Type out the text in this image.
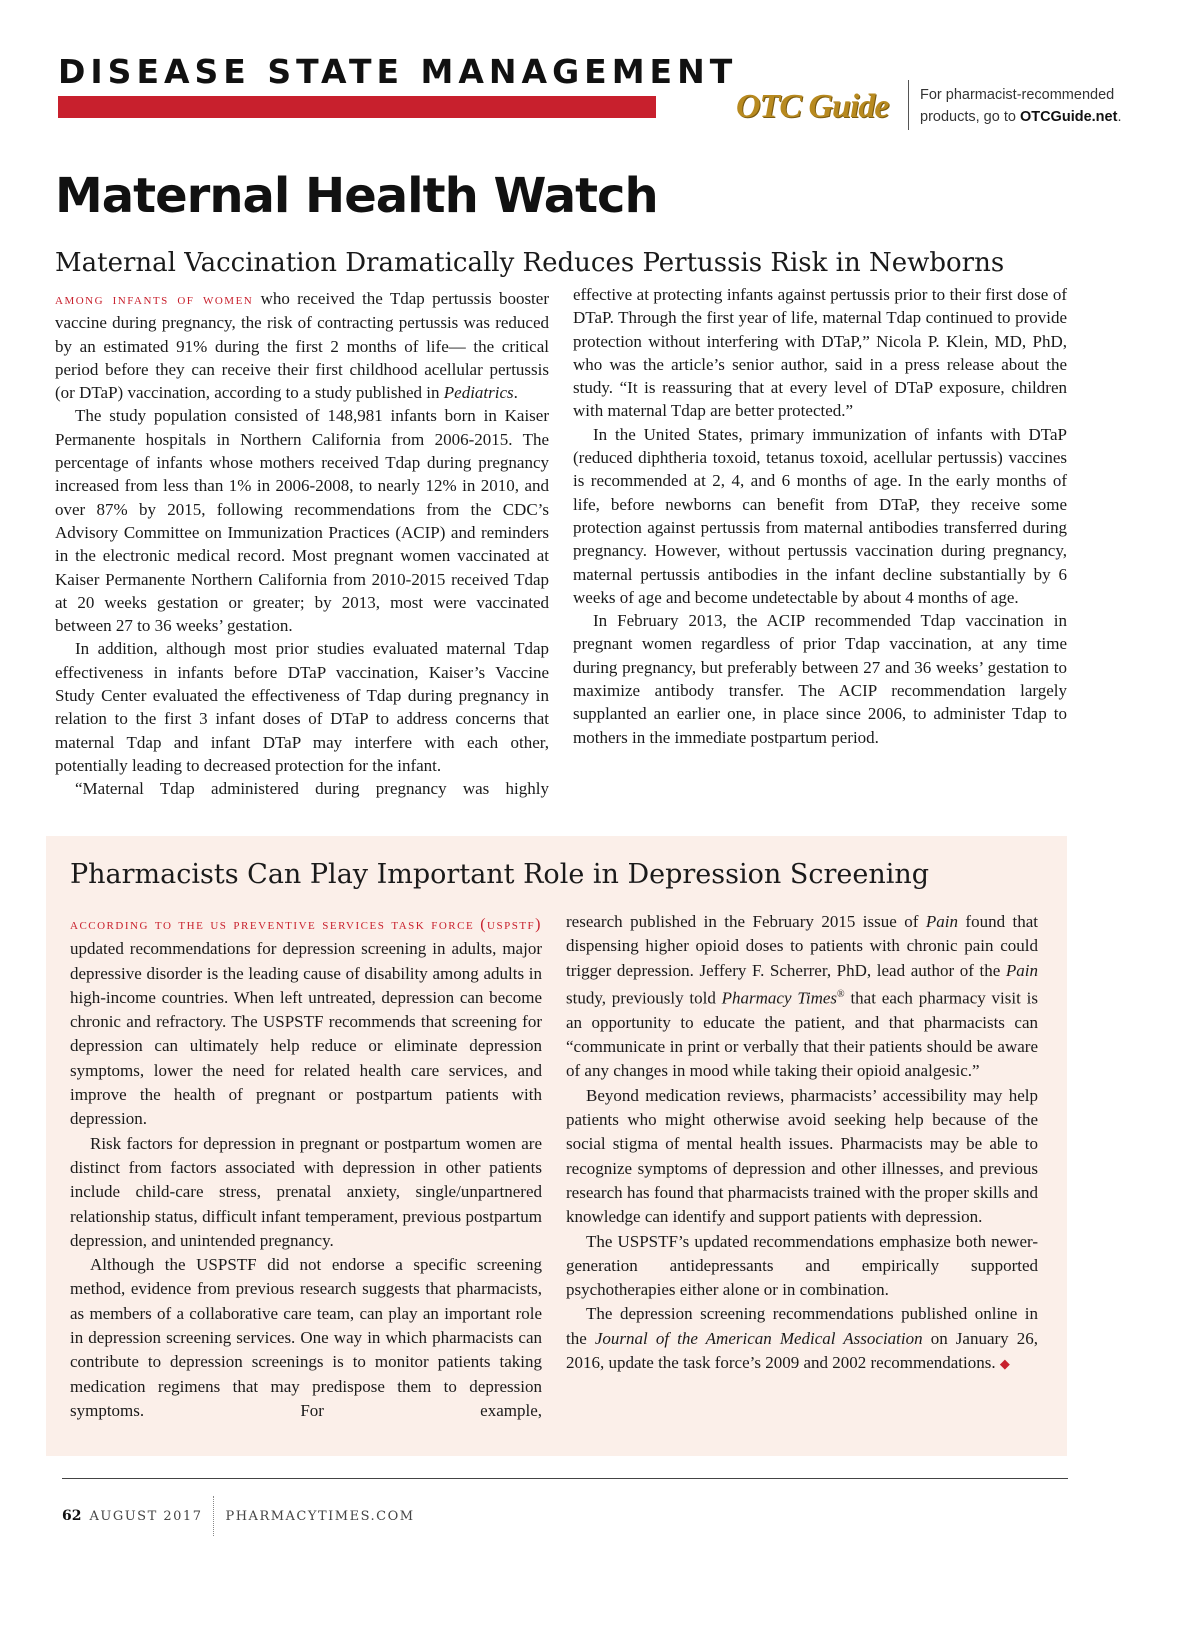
DISEASE STATE MANAGEMENT
OTC Guide For pharmacist-recommended
products, go to OTCGuide.net.
Maternal Health Watch
Maternal Vaccination Dramatically Reduces Pertussis Risk in Newborns

among infants of women who received the Tdap pertussis booster vaccine during pregnancy, the risk of contracting pertussis was reduced by an estimated 91% during the first 2 months of life— the critical period before they can receive their first childhood acellular pertussis (or DTaP) vaccination, according to a study published in Pediatrics.

The study population consisted of 148,981 infants born in Kaiser Permanente hospitals in Northern California from 2006-2015. The percentage of infants whose mothers received Tdap during pregnancy increased from less than 1% in 2006-2008, to nearly 12% in 2010, and over 87% by 2015, following recommendations from the CDC’s Advisory Committee on Immunization Practices (ACIP) and reminders in the electronic medical record. Most pregnant women vaccinated at Kaiser Permanente Northern California from 2010-2015 received Tdap at 20 weeks gestation or greater; by 2013, most were vaccinated between 27 to 36 weeks’ gestation.

In addition, although most prior studies evaluated maternal Tdap effectiveness in infants before DTaP vaccination, Kaiser’s Vaccine Study Center evaluated the effectiveness of Tdap during pregnancy in relation to the first 3 infant doses of DTaP to address concerns that maternal Tdap and infant DTaP may interfere with each other, potentially leading to decreased protection for the infant.

“Maternal Tdap administered during pregnancy was highly

effective at protecting infants against pertussis prior to their first dose of DTaP. Through the first year of life, maternal Tdap continued to provide protection without interfering with DTaP,” Nicola P. Klein, MD, PhD, who was the article’s senior author, said in a press release about the study. “It is reassuring that at every level of DTaP exposure, children with maternal Tdap are better protected.”

In the United States, primary immunization of infants with DTaP (reduced diphtheria toxoid, tetanus toxoid, acellular pertussis) vaccines is recommended at 2, 4, and 6 months of age. In the early months of life, before newborns can benefit from DTaP, they receive some protection against pertussis from maternal antibodies transferred during pregnancy. However, without pertussis vaccination during pregnancy, maternal pertussis antibodies in the infant decline substantially by 6 weeks of age and become undetectable by about 4 months of age.

In February 2013, the ACIP recommended Tdap vaccination in pregnant women regardless of prior Tdap vaccination, at any time during pregnancy, but preferably between 27 and 36 weeks’ gestation to maximize antibody transfer. The ACIP recommendation largely supplanted an earlier one, in place since 2006, to administer Tdap to mothers in the immediate postpartum period.

Pharmacists Can Play Important Role in Depression Screening

according to the us preventive services task force (uspstf) updated recommendations for depression screening in adults, major depressive disorder is the leading cause of disability among adults in high-income countries. When left untreated, depression can become chronic and refractory. The USPSTF recommends that screening for depression can ultimately help reduce or eliminate depression symptoms, lower the need for related health care services, and improve the health of pregnant or postpartum patients with depression.

Risk factors for depression in pregnant or postpartum women are distinct from factors associated with depression in other patients include child-care stress, prenatal anxiety, single/unpartnered relationship status, difficult infant temperament, previous postpartum depression, and unintended pregnancy.

Although the USPSTF did not endorse a specific screening method, evidence from previous research suggests that pharmacists, as members of a collaborative care team, can play an important role in depression screening services. One way in which pharmacists can contribute to depression screenings is to monitor patients taking medication regimens that may predispose them to depression symptoms. For example,

research published in the February 2015 issue of Pain found that dispensing higher opioid doses to patients with chronic pain could trigger depression. Jeffery F. Scherrer, PhD, lead author of the Pain study, previously told Pharmacy Times® that each pharmacy visit is an opportunity to educate the patient, and that pharmacists can “communicate in print or verbally that their patients should be aware of any changes in mood while taking their opioid analgesic.”

Beyond medication reviews, pharmacists’ accessibility may help patients who might otherwise avoid seeking help because of the social stigma of mental health issues. Pharmacists may be able to recognize symptoms of depression and other illnesses, and previous research has found that pharmacists trained with the proper skills and knowledge can identify and support patients with depression.

The USPSTF’s updated recommendations emphasize both newer-generation antidepressants and empirically supported psychotherapies either alone or in combination.

The depression screening recommendations published online in the Journal of the American Medical Association on January 26, 2016, update the task force’s 2009 and 2002 recommendations. ◆

62 AUGUST 2017 PHARMACYTIMES.COM
